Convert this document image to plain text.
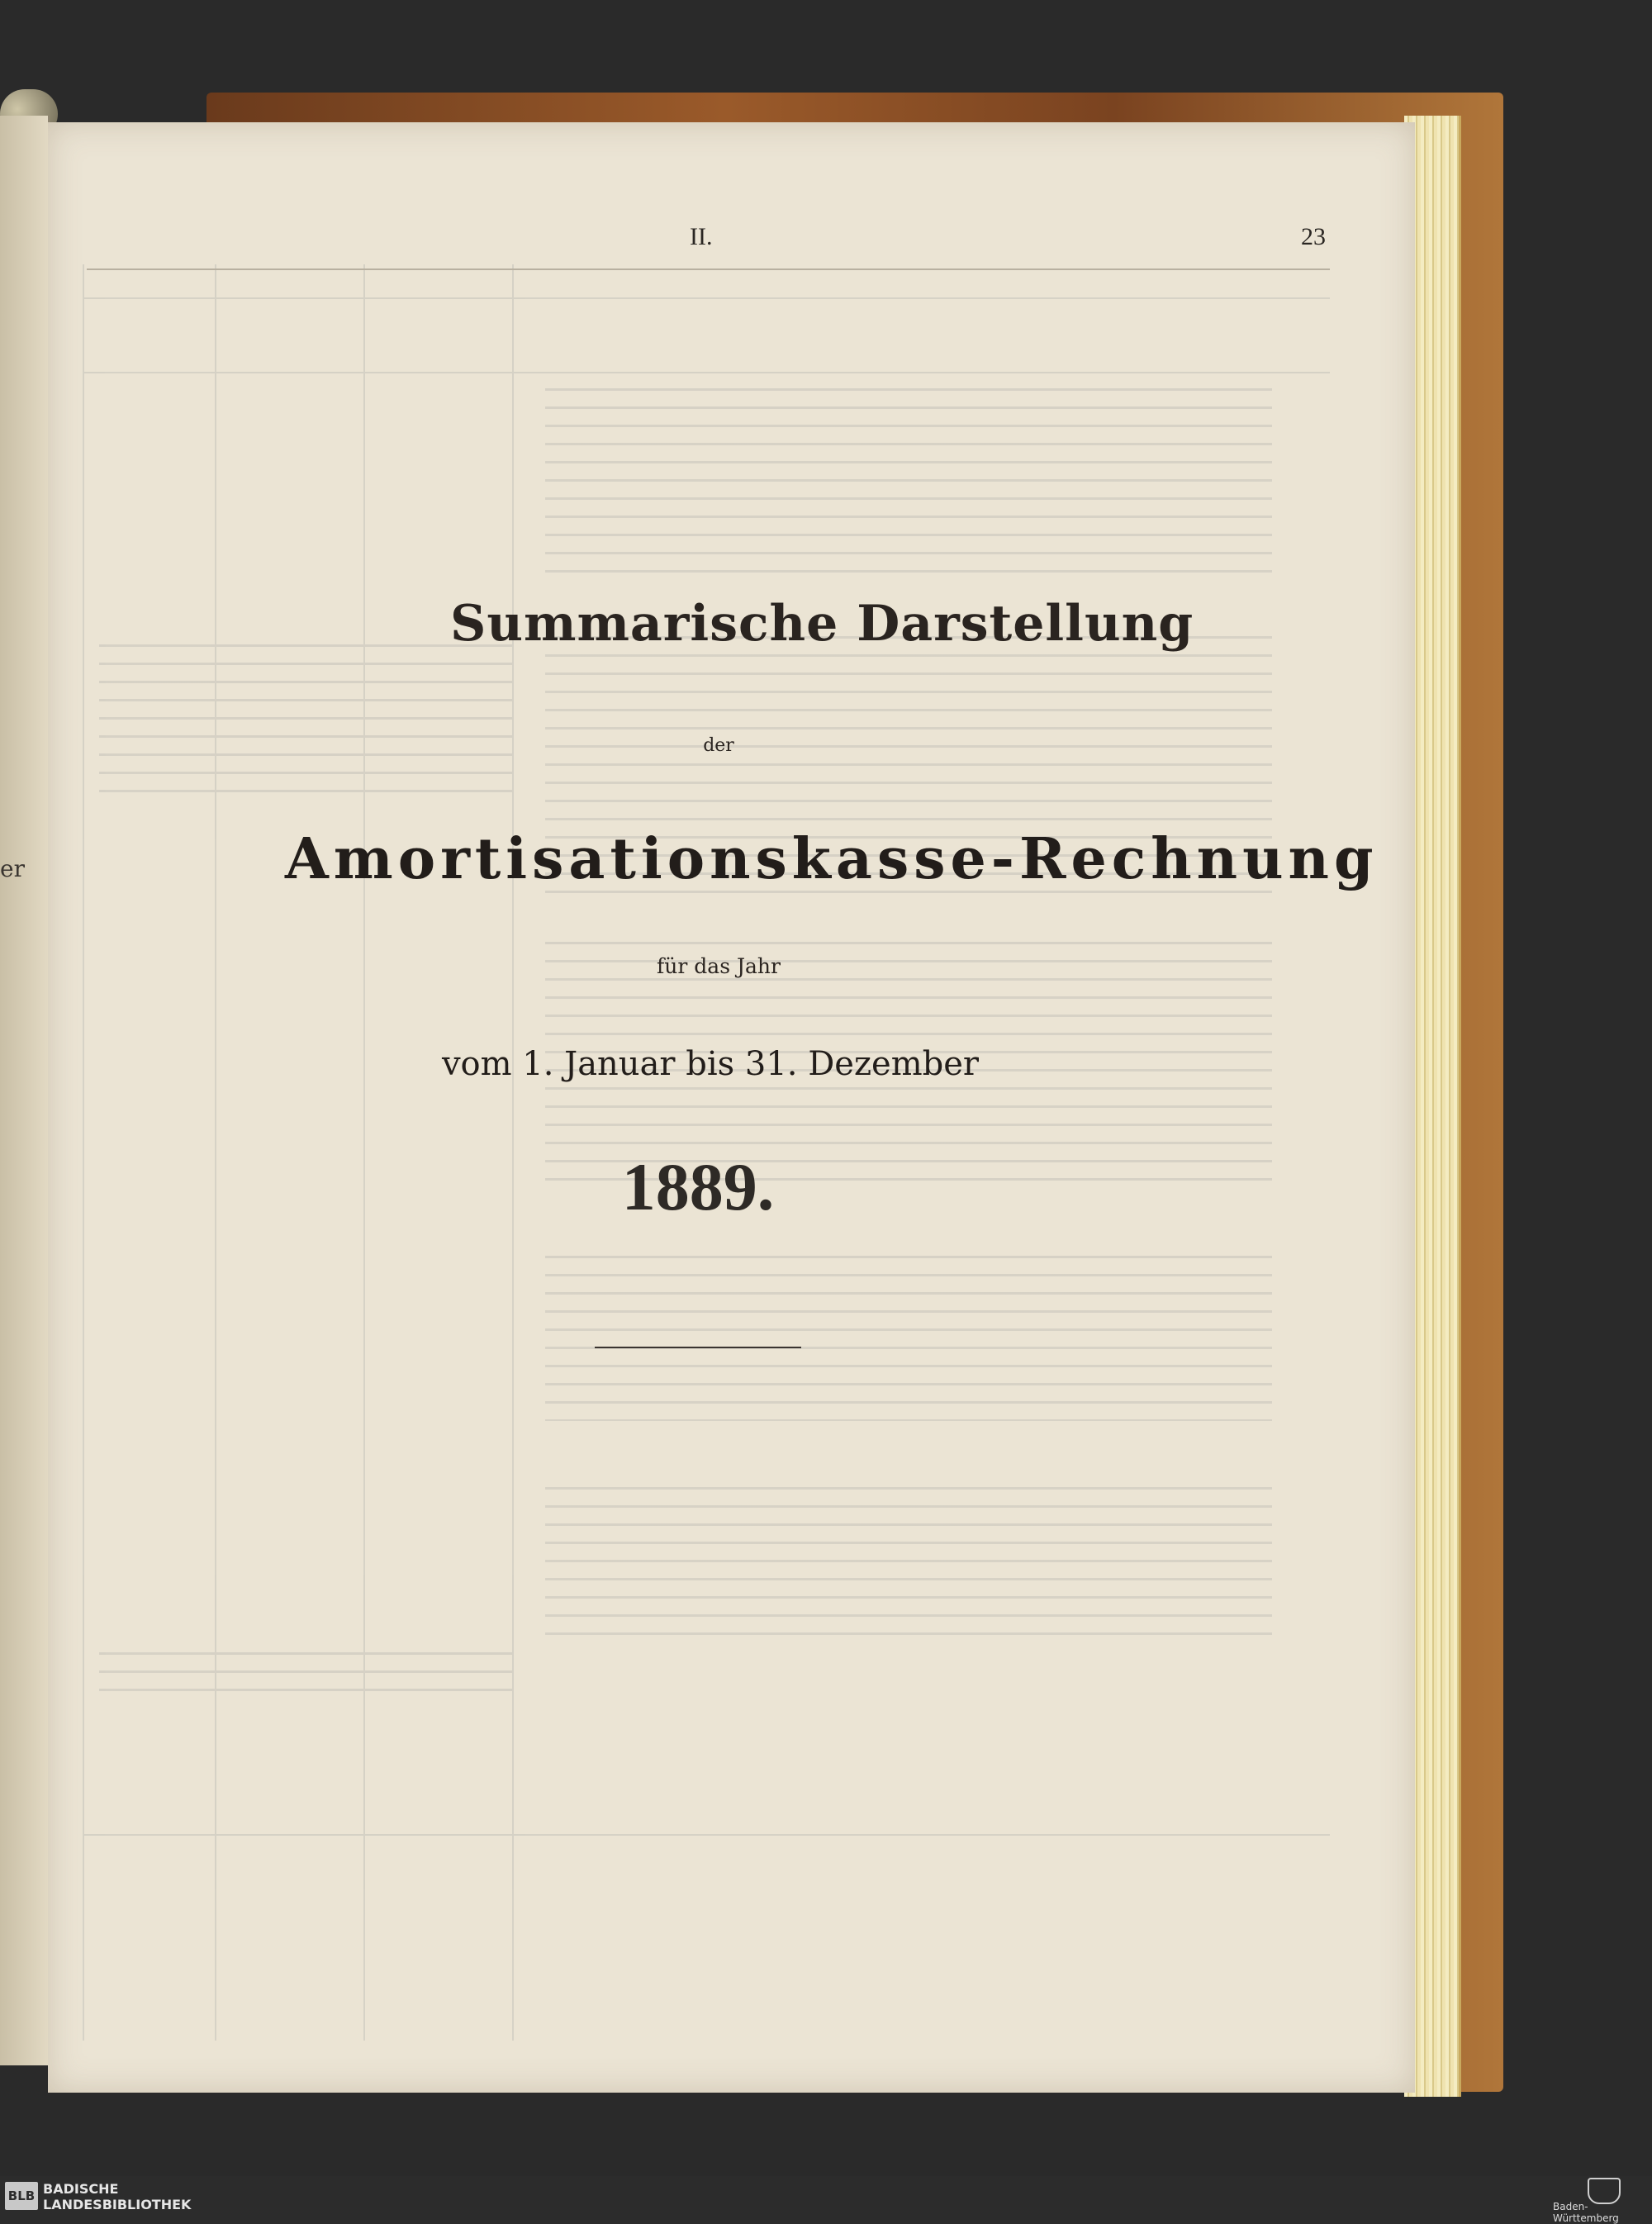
er
II.	23
Summarische Darstellung
der
Amortisationskasse-Rechnung
für das Jahr
vom 1. Januar bis 31. Dezember
1889.
BLB BADISCHE
LANDESBIBLIOTHEK	Baden-Württemberg
